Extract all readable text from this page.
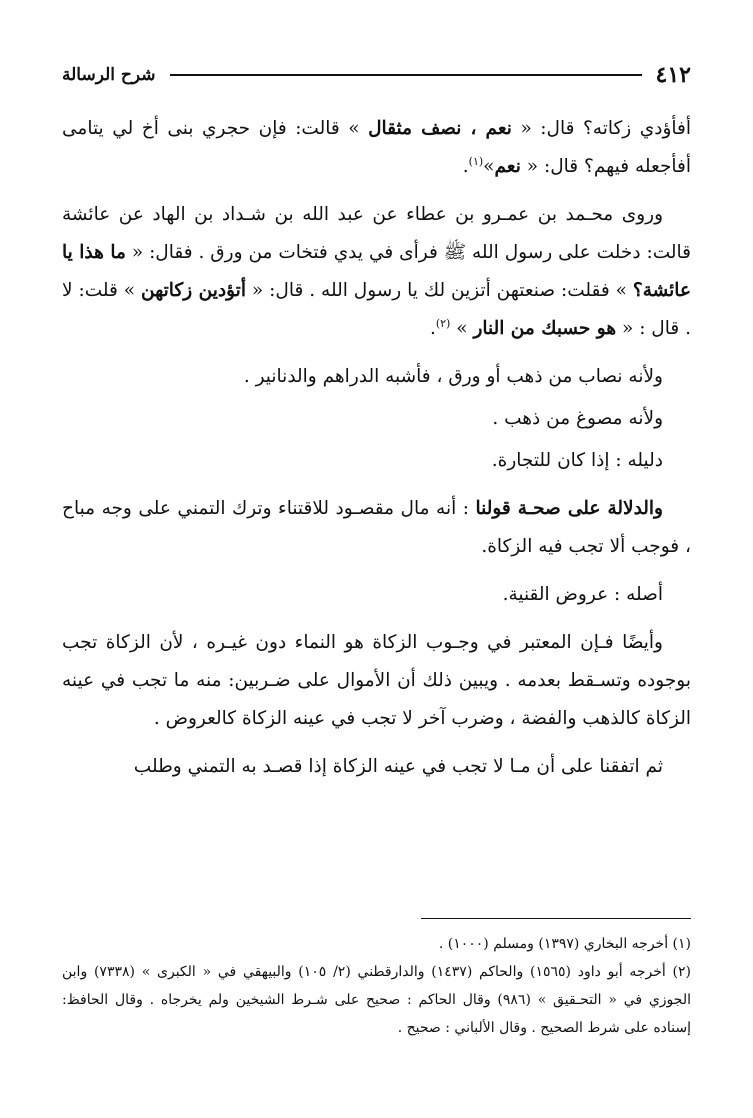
٤١٢
شرح الرسالة

أفأؤدي زكاته؟ قال: « نعم ، نصف مثقال » قالت: فإن حجري بنى أخ لي يتامى أفأجعله فيهم؟ قال: « نعم»$^{(١)}$.

وروى محـمد بن عمـرو بن عطاء عن عبد الله بن شـداد بن الهاد عن عائشة قالت: دخلت على رسول الله ﷺ فرأى في يدي فتخات من ورق . فقال: « ما هذا يا عائشة؟ » فقلت: صنعتهن أتزين لك يا رسول الله . قال: « أتؤدين زكاتهن » قلت: لا . قال : « هو حسبك من النار » $^{(٢)}$.

ولأنه نصاب من ذهب أو ورق ، فأشبه الدراهم والدنانير .

ولأنه مصوغ من ذهب .

دليله : إذا كان للتجارة.

والدلالة على صحـة قولنا : أنه مال مقصـود للاقتناء وترك التمني على وجه مباح ، فوجب ألا تجب فيه الزكاة.

أصله : عروض القنية.

وأيضًا فـإن المعتبر في وجـوب الزكاة هو النماء دون غيـره ، لأن الزكاة تجب بوجوده وتسـقط بعدمه . ويبين ذلك أن الأموال على ضـربين: منه ما تجب في عينه الزكاة كالذهب والفضة ، وضرب آخر لا تجب في عينه الزكاة كالعروض .

ثم اتفقنا على أن مـا لا تجب في عينه الزكاة إذا قصـد به التمني وطلب

(١) أخرجه البخاري (١٣٩٧) ومسلم (١٠٠٠) .

(٢) أخرجه أبو داود (١٥٦٥) والحاكم (١٤٣٧) والدارقطني (٢/ ١٠٥) والبيهقي في « الكبرى » (٧٣٣٨) وابن الجوزي في « التحـقيق » (٩٨٦) وقال الحاكم : صحيح على شـرط الشيخين ولم يخرجاه . وقال الحافظ: إسناده على شرط الصحيح . وقال الألباني : صحيح .
